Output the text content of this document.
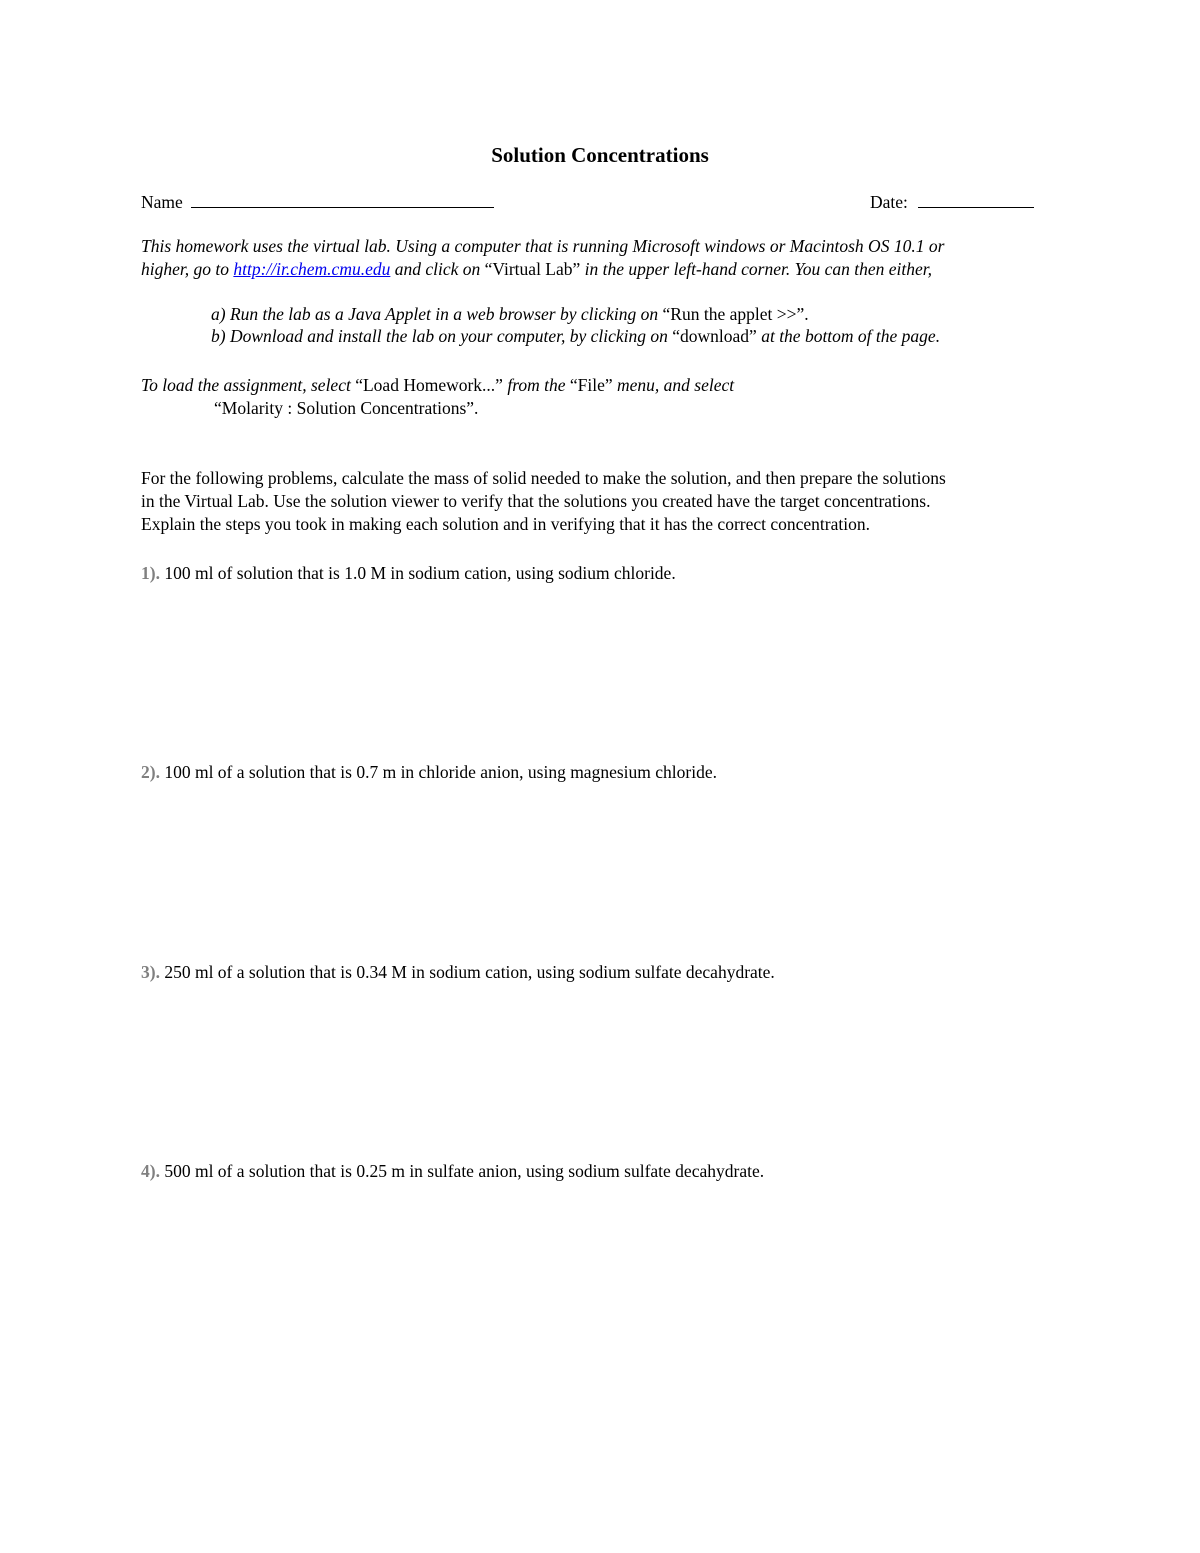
Solution Concentrations
Name	Date:
This homework uses the virtual lab. Using a computer that is running Microsoft windows or Macintosh OS 10.1 or
higher, go to http://ir.chem.cmu.edu and click on “Virtual Lab” in the upper left-hand corner. You can then either,
a) Run the lab as a Java Applet in a web browser by clicking on “Run the applet >>”.
b) Download and install the lab on your computer, by clicking on “download” at the bottom of the page.
To load the assignment, select “Load Homework...” from the “File” menu, and select
“Molarity : Solution Concentrations”.
For the following problems, calculate the mass of solid needed to make the solution, and then prepare the solutions
in the Virtual Lab. Use the solution viewer to verify that the solutions you created have the target concentrations.
Explain the steps you took in making each solution and in verifying that it has the correct concentration.
1). 100 ml of solution that is 1.0 M in sodium cation, using sodium chloride.
2). 100 ml of a solution that is 0.7 m in chloride anion, using magnesium chloride.
3). 250 ml of a solution that is 0.34 M in sodium cation, using sodium sulfate decahydrate.
4). 500 ml of a solution that is 0.25 m in sulfate anion, using sodium sulfate decahydrate.
